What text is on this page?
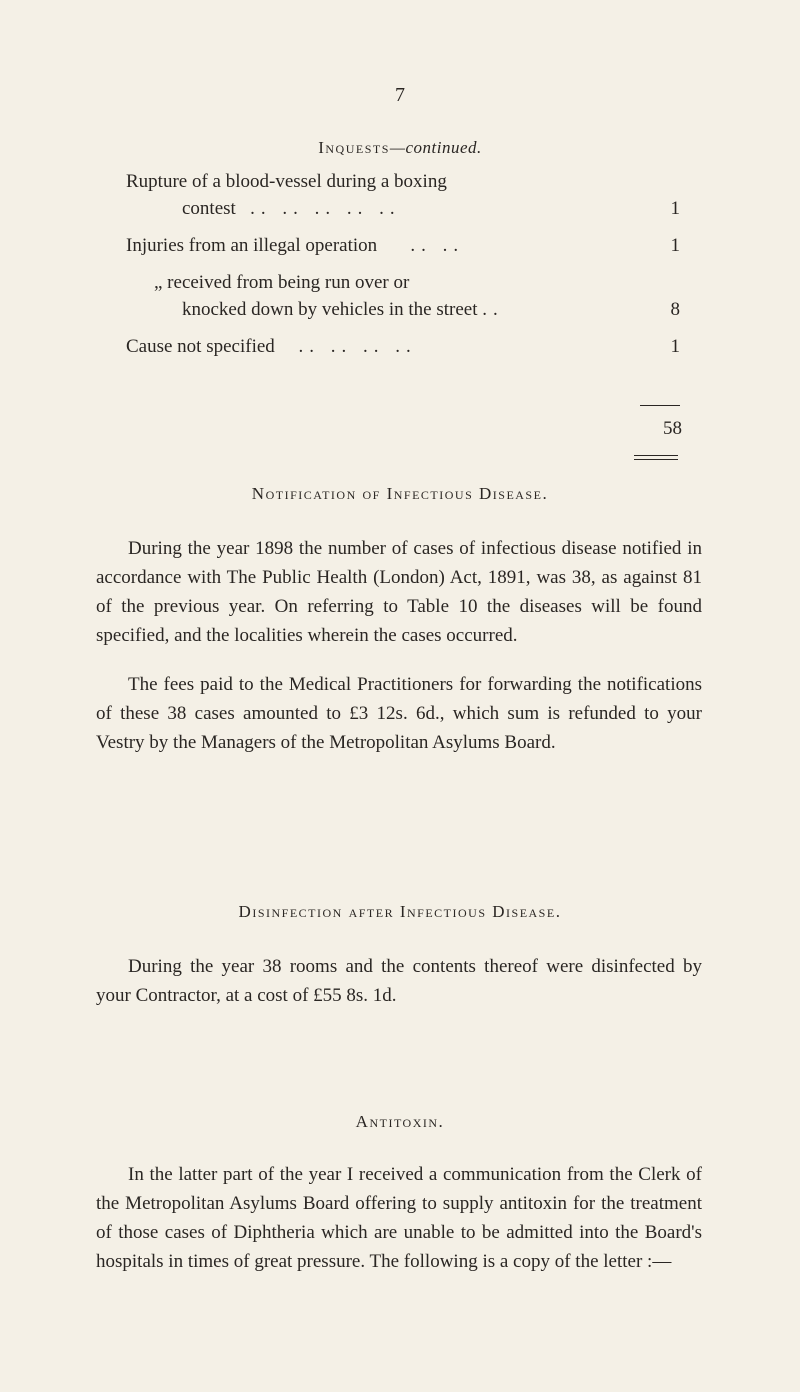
7
Inquests—continued.
Rupture of a blood-vessel during a boxing
contest .. .. .. .. ..	1
Injuries from an illegal operation .. ..	1
„ received from being run over or
knocked down by vehicles in the street ..	8
Cause not specified .. .. .. ..	1
58
Notification of Infectious Disease.

During the year 1898 the number of cases of infectious disease notified in accordance with The Public Health (London) Act, 1891, was 38, as against 81 of the previous year. On referring to Table 10 the diseases will be found specified, and the localities wherein the cases occurred.

The fees paid to the Medical Practitioners for forwarding the notifications of these 38 cases amounted to £3 12s. 6d., which sum is refunded to your Vestry by the Managers of the Metropolitan Asylums Board.

Disinfection after Infectious Disease.

During the year 38 rooms and the contents thereof were disinfected by your Contractor, at a cost of £55 8s. 1d.

Antitoxin.

In the latter part of the year I received a communication from the Clerk of the Metropolitan Asylums Board offering to supply antitoxin for the treatment of those cases of Diphtheria which are unable to be admitted into the Board's hospitals in times of great pressure. The following is a copy of the letter :—
